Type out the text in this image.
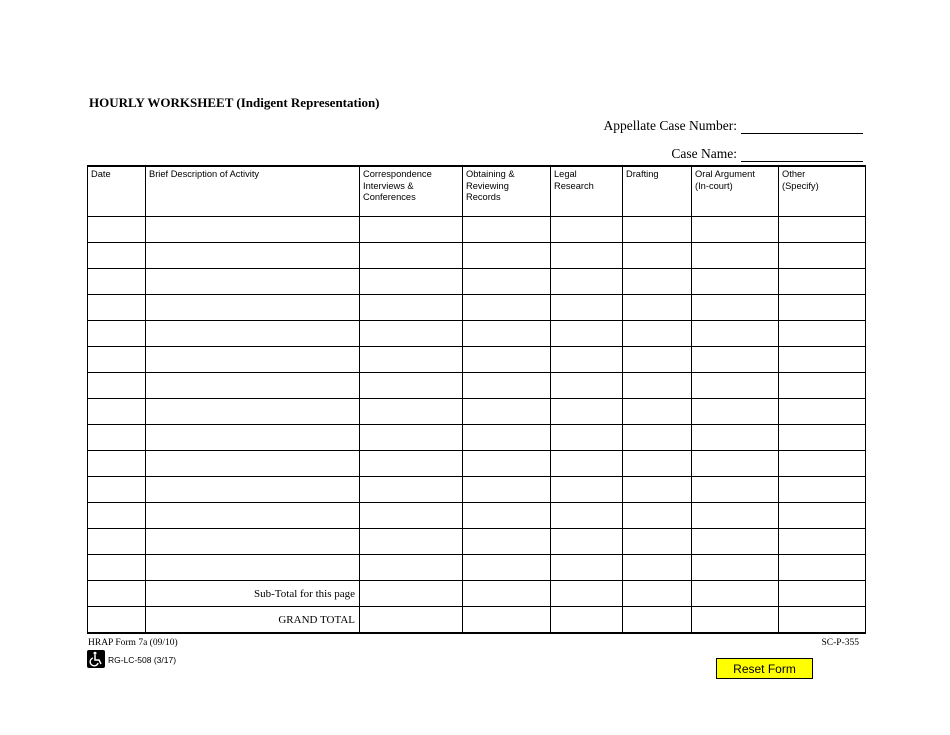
HOURLY WORKSHEET (Indigent Representation)
Appellate Case Number:
Case Name:
Date	Brief Description of Activity	Correspondence
Interviews &
Conferences	Obtaining &
Reviewing
Records	Legal
Research	Drafting	Oral Argument
(In-court)	Other
(Specify)

	Sub-Total for this page						
	GRAND TOTAL						
HRAP Form 7a (09/10)	SC-P-355
RG-LC-508 (3/17)
Reset Form
